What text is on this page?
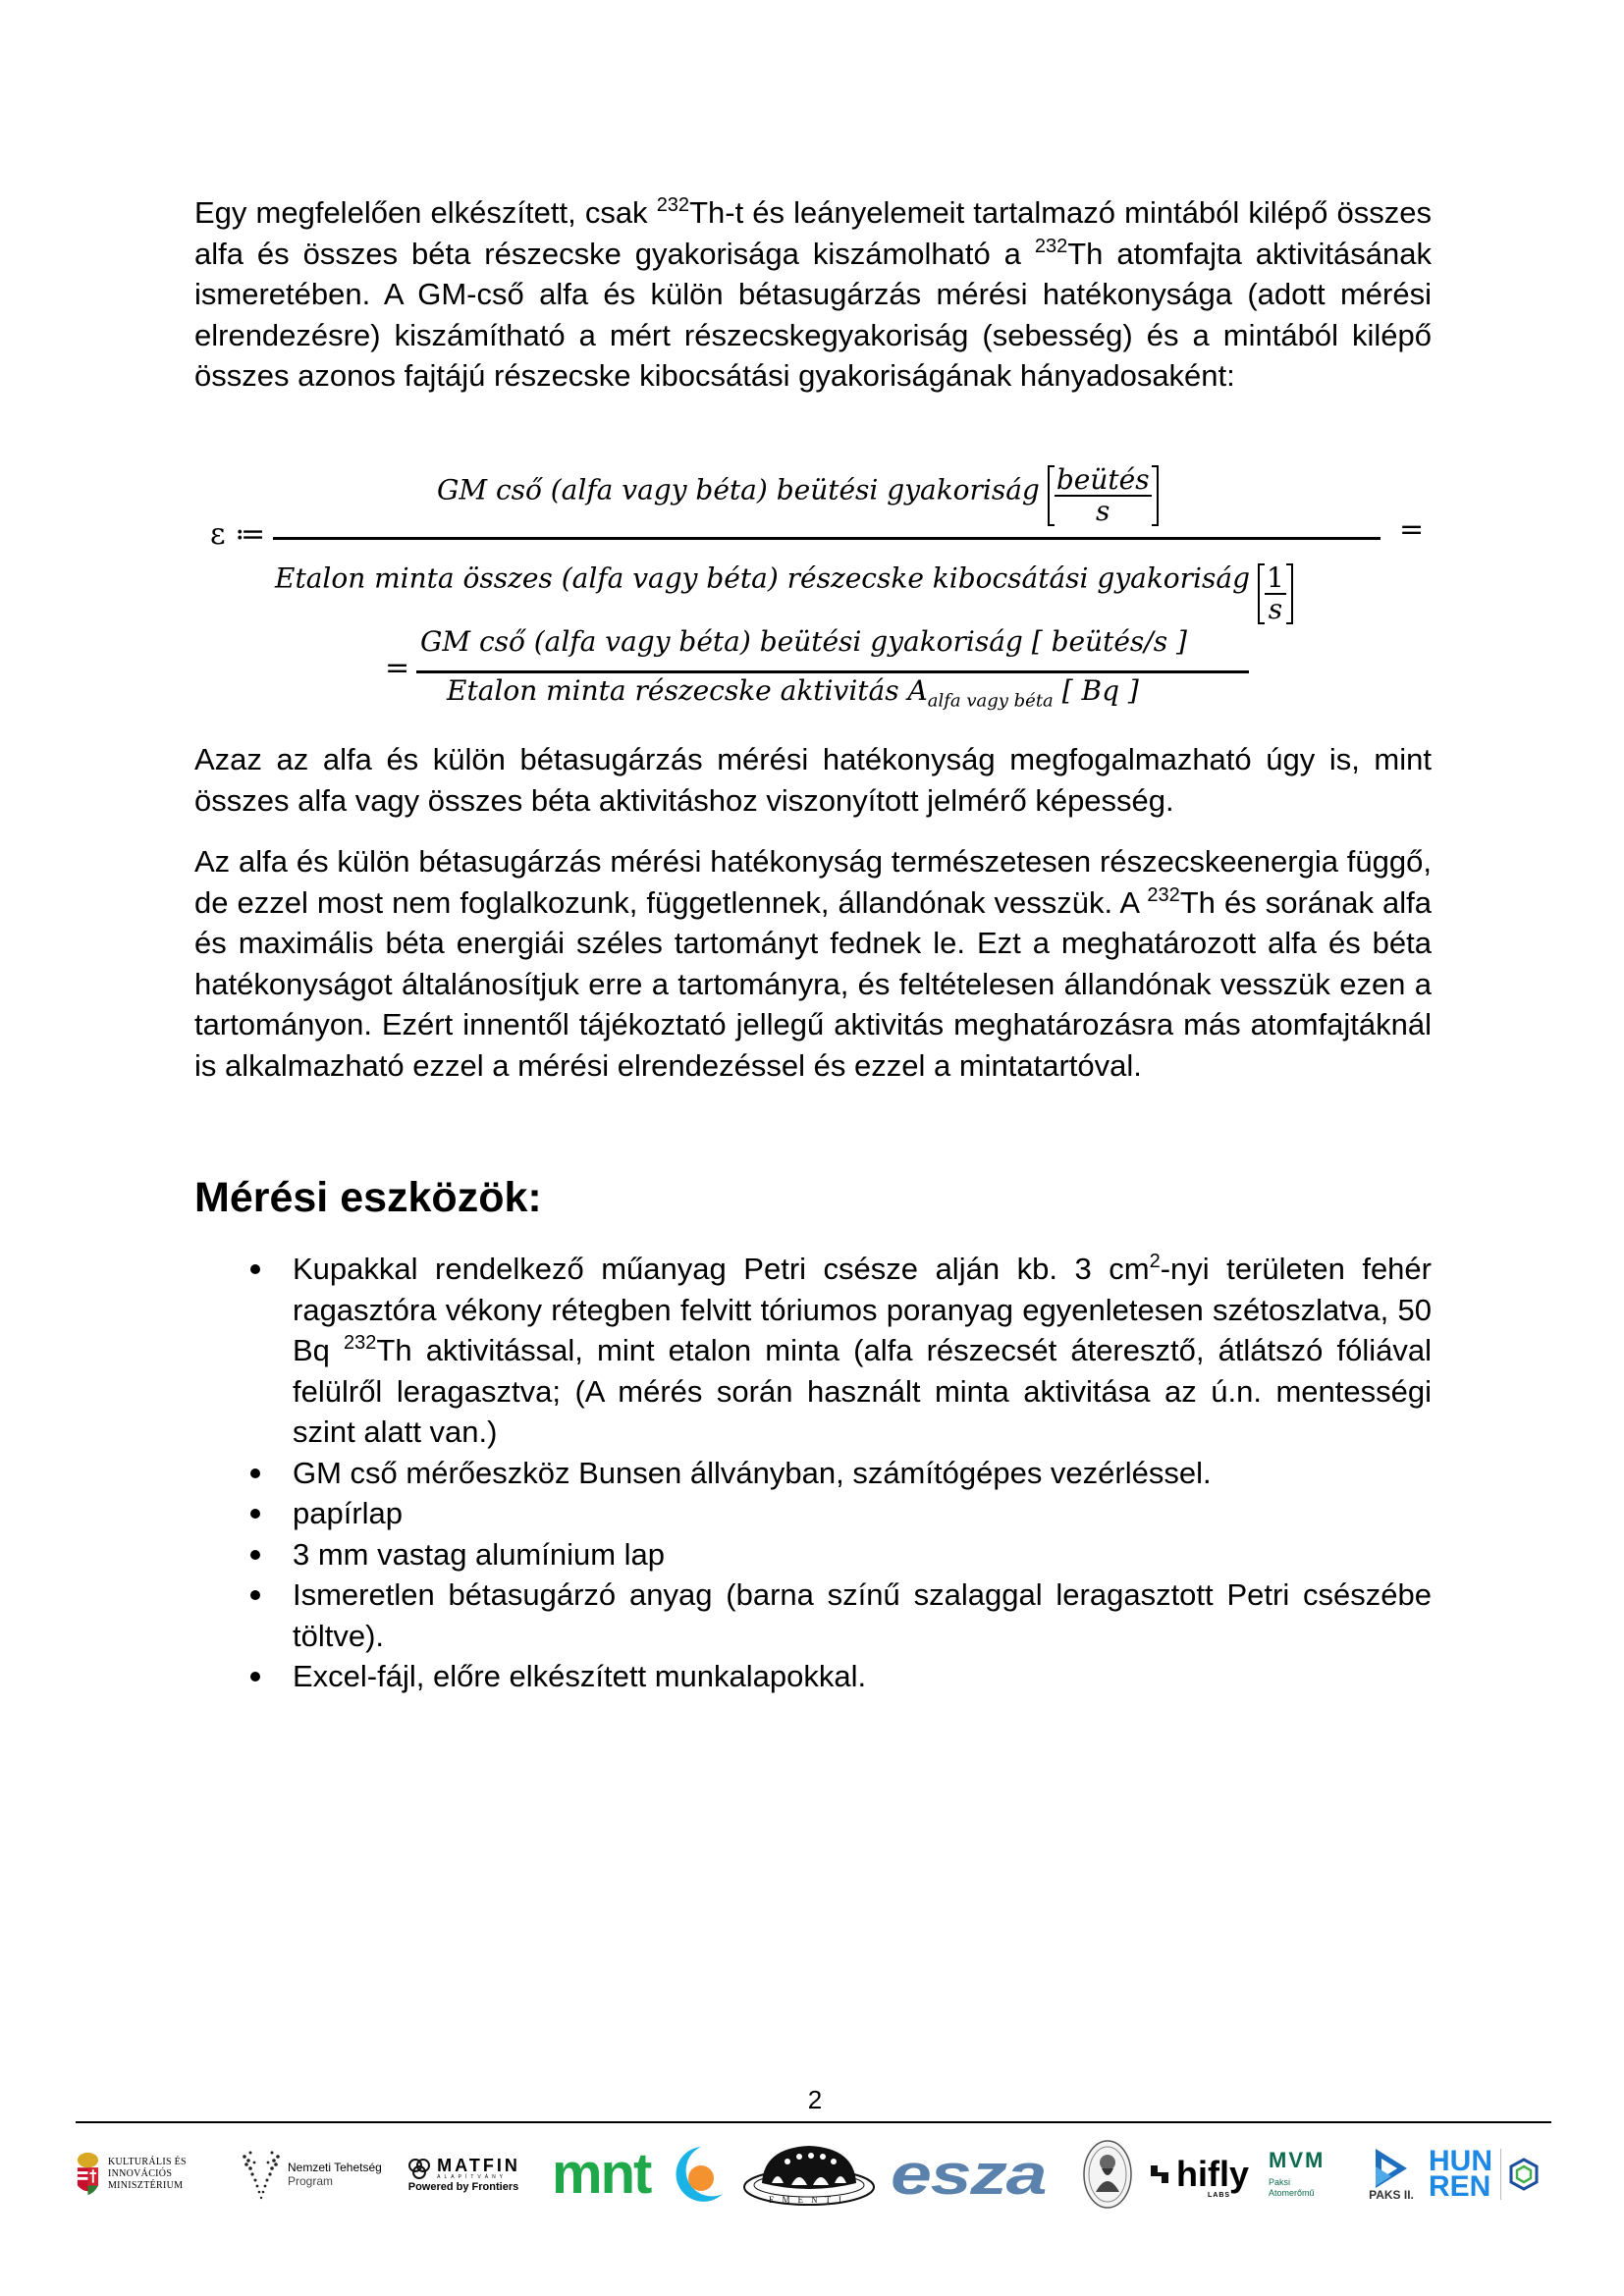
Egy megfelelően elkészített, csak $^{232}$Th-t és leányelemeit tartalmazó mintából kilépő összes alfa és összes béta részecske gyakorisága kiszámolható a $^{232}$Th atomfajta aktivitásának ismeretében. A GM-cső alfa és külön bétasugárzás mérési hatékonysága (adott mérési elrendezésre) kiszámítható a mért részecskegyakoriság (sebesség) és a mintából kilépő összes azonos fajtájú részecske kibocsátási gyakoriságának hányadosaként:

ε ≔
GM cső (alfa vagy béta) beütési gyakoriság beütés
s
=
Etalon minta összes (alfa vagy béta) részecske kibocsátási gyakoriság $\frac{1}{s}$
=
GM cső (alfa vagy béta) beütési gyakoriság [ beütés/s ]
Etalon minta részecske aktivitás $A_{alfa vagy béta}$ [ Bq ]

Azaz az alfa és külön bétasugárzás mérési hatékonyság megfogalmazható úgy is, mint összes alfa vagy összes béta aktivitáshoz viszonyított jelmérő képesség.

Az alfa és külön bétasugárzás mérési hatékonyság természetesen részecskeenergia függő, de ezzel most nem foglalkozunk, függetlennek, állandónak vesszük. A $^{232}$Th és sorának alfa és maximális béta energiái széles tartományt fednek le. Ezt a meghatározott alfa és béta hatékonyságot általánosítjuk erre a tartományra, és feltételesen állandónak vesszük ezen a tartományon. Ezért innentől tájékoztató jellegű aktivitás meghatározásra más atomfajtáknál is alkalmazható ezzel a mérési elrendezéssel és ezzel a mintatartóval.

Mérési eszközök:
Kupakkal rendelkező műanyag Petri csésze alján kb. 3 $cm^2$-nyi területen fehér ragasztóra vékony rétegben felvitt tóriumos poranyag egyenletesen szétoszlatva, 50 Bq $^{232}$Th aktivitással, mint etalon minta (alfa részecsét áteresztő, átlátszó fóliával felülről leragasztva; (A mérés során használt minta aktivitása az ú.n. mentességi szint alatt van.)
GM cső mérőeszköz Bunsen állványban, számítógépes vezérléssel.
papírlap
3 mm vastag alumínium lap
Ismeretlen bétasugárzó anyag (barna színű szalaggal leragasztott Petri csészébe töltve).
Excel-fájl, előre elkészített munkalapokkal.
2
KULTURÁLIS ÉS INNOVÁCIÓS
MINISZTÉRIUM
Nemzeti Tehetség
Program
MATFIN
ALAPÍTVÁNY
Powered by Frontiers mnt	EMENTI esza	hifly
LABS
MVM
Paksi
Atomerőmű	PAKS II.
HUN
REN
